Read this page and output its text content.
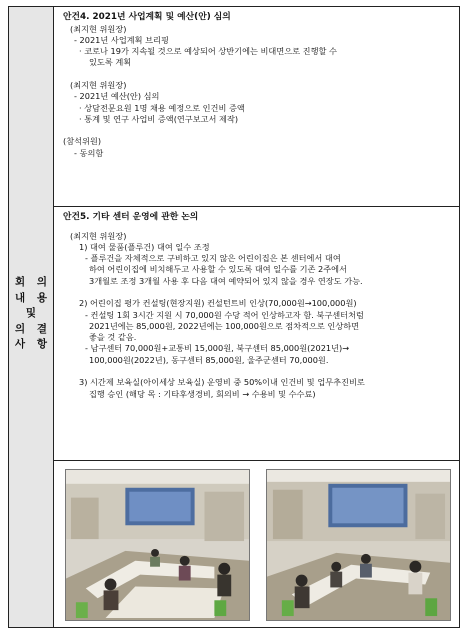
회 의
내 용
및
의 결
사 항
안건4. 2021년 사업계획 및 예산(안) 심의
(최지현 위원장)
- 2021년 사업계획 브리핑
· 코로나 19가 지속될 것으로 예상되어 상반기에는 비대면으로 진행할 수
있도록 계획
(최지현 위원장)
- 2021년 예산(안) 심의
· 상담전문요원 1명 채용 예정으로 인건비 증액
· 통계 및 연구 사업비 증액(연구보고서 제작)
(참석위원)
- 동의함
안건5. 기타 센터 운영에 관한 논의
(최지현 위원장)
1) 대여 물품(플루건) 대여 일수 조정
- 플루건을 자체적으로 구비하고 있지 않은 어린이집은 본 센터에서 대여
하여 어린이집에 비치해두고 사용할 수 있도록 대여 일수를 기존 2주에서
3개월로 조정 3개월 사용 후 다음 대여 예약되어 있지 않을 경우 연장도 가능.
2) 어린이집 평가 컨설팅(현장지원) 컨설턴트비 인상(70,000원→100,000원)
- 컨설팅 1회 3시간 지원 시 70,000원 수당 적어 인상하고자 함. 북구센터처럼
2021년에는 85,000원, 2022년에는 100,000원으로 점차적으로 인상하면
좋을 것 같음.
- 남구센터 70,000원+교통비 15,000원, 북구센터 85,000원(2021년)→
100,000원(2022년), 동구센터 85,000원, 울주군센터 70,000원.
3) 시간제 보육실(아이세상 보육실) 운영비 중 50%이내 인건비 및 업무추진비로
집행 승인 (해당 목 : 기타후생경비, 회의비 → 수용비 및 수수료)
